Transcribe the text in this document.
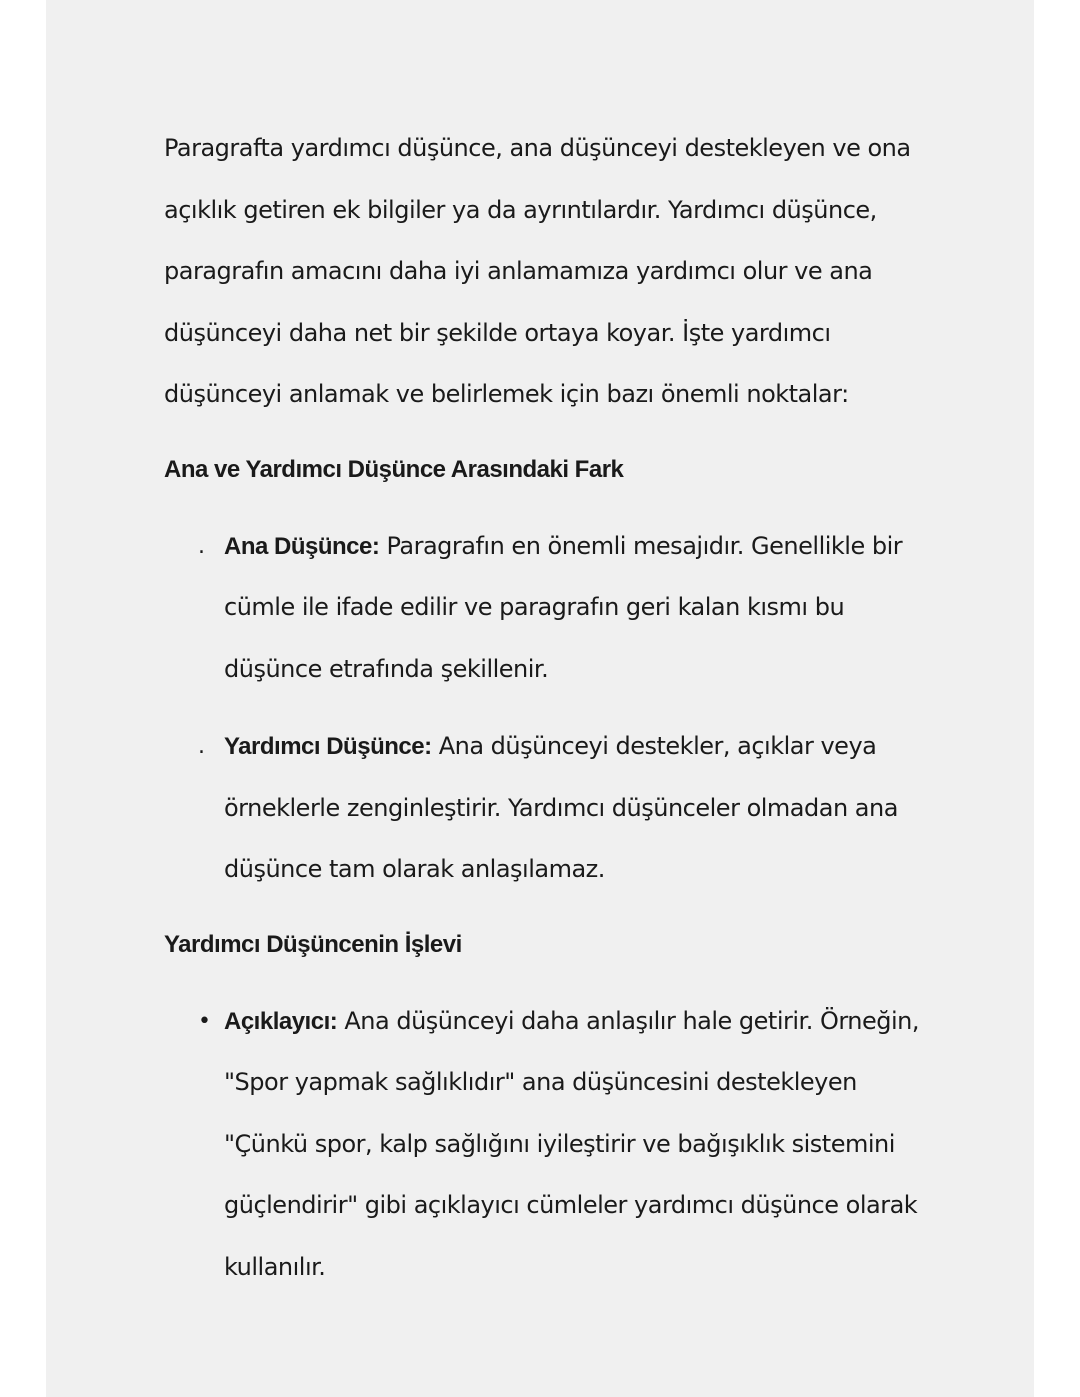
Paragrafta yardımcı düşünce, ana düşünceyi destekleyen ve ona açıklık getiren ek bilgiler ya da ayrıntılardır. Yardımcı düşünce, paragrafın amacını daha iyi anlamamıza yardımcı olur ve ana düşünceyi daha net bir şekilde ortaya koyar. İşte yardımcı düşünceyi anlamak ve belirlemek için bazı önemli noktalar:

Ana ve Yardımcı Düşünce Arasındaki Fark
. Ana Düşünce: Paragrafın en önemli mesajıdır. Genellikle bir cümle ile ifade edilir ve paragrafın geri kalan kısmı bu düşünce etrafında şekillenir.
. Yardımcı Düşünce: Ana düşünceyi destekler, açıklar veya örneklerle zenginleştirir. Yardımcı düşünceler olmadan ana düşünce tam olarak anlaşılamaz.
Yardımcı Düşüncenin İşlevi
• Açıklayıcı: Ana düşünceyi daha anlaşılır hale getirir. Örneğin, "Spor yapmak sağlıklıdır" ana düşüncesini destekleyen "Çünkü spor, kalp sağlığını iyileştirir ve bağışıklık sistemini güçlendirir" gibi açıklayıcı cümleler yardımcı düşünce olarak kullanılır.
